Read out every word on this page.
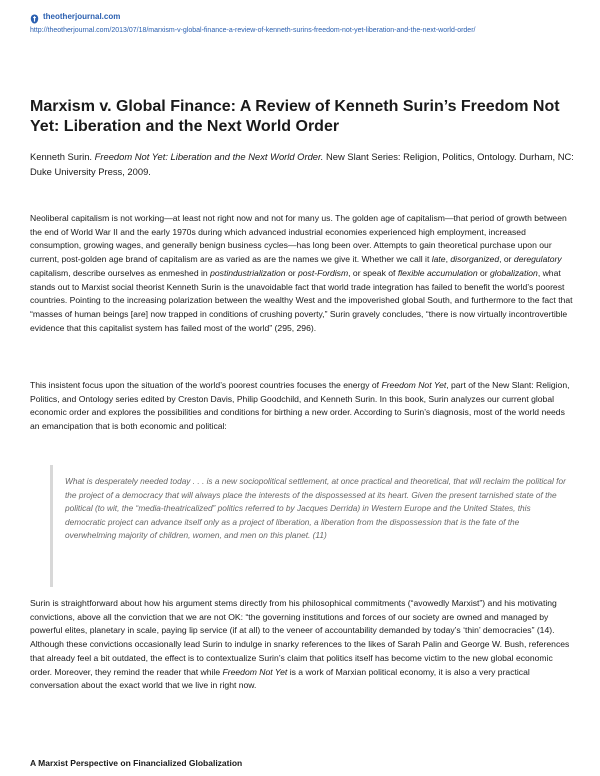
theotherjournal.com
http://theotherjournal.com/2013/07/18/marxism-v-global-finance-a-review-of-kenneth-surins-freedom-not-yet-liberation-and-the-next-world-order/
Marxism v. Global Finance: A Review of Kenneth Surin’s Freedom Not Yet: Liberation and the Next World Order

Kenneth Surin. Freedom Not Yet: Liberation and the Next World Order. New Slant Series: Religion, Politics, Ontology. Durham, NC: Duke University Press, 2009.

Neoliberal capitalism is not working—at least not right now and not for many us. The golden age of capitalism—that period of growth between the end of World War II and the early 1970s during which advanced industrial economies experienced high employment, increased consumption, growing wages, and generally benign business cycles—has long been over. Attempts to gain theoretical purchase upon our current, post-golden age brand of capitalism are as varied as are the names we give it. Whether we call it late, disorganized, or deregulatory capitalism, describe ourselves as enmeshed in postindustrialization or post-Fordism, or speak of flexible accumulation or globalization, what stands out to Marxist social theorist Kenneth Surin is the unavoidable fact that world trade integration has failed to benefit the world’s poorest countries. Pointing to the increasing polarization between the wealthy West and the impoverished global South, and furthermore to the fact that “masses of human beings [are] now trapped in conditions of crushing poverty,” Surin gravely concludes, “there is now virtually incontrovertible evidence that this capitalist system has failed most of the world” (295, 296).

This insistent focus upon the situation of the world’s poorest countries focuses the energy of Freedom Not Yet, part of the New Slant: Religion, Politics, and Ontology series edited by Creston Davis, Philip Goodchild, and Kenneth Surin. In this book, Surin analyzes our current global economic order and explores the possibilities and conditions for birthing a new order. According to Surin’s diagnosis, most of the world needs an emancipation that is both economic and political:

What is desperately needed today . . . is a new sociopolitical settlement, at once practical and theoretical, that will reclaim the political for the project of a democracy that will always place the interests of the dispossessed at its heart. Given the present tarnished state of the political (to wit, the “media-theatricalized” politics referred to by Jacques Derrida) in Western Europe and the United States, this democratic project can advance itself only as a project of liberation, a liberation from the dispossession that is the fate of the overwhelming majority of children, women, and men on this planet. (11)

Surin is straightforward about how his argument stems directly from his philosophical commitments (“avowedly Marxist”) and his motivating convictions, above all the conviction that we are not OK: “the governing institutions and forces of our society are owned and managed by powerful elites, planetary in scale, paying lip service (if at all) to the veneer of accountability demanded by today’s ‘thin’ democracies” (14). Although these convictions occasionally lead Surin to indulge in snarky references to the likes of Sarah Palin and George W. Bush, references that already feel a bit outdated, the effect is to contextualize Surin’s claim that politics itself has become victim to the new global economic order. Moreover, they remind the reader that while Freedom Not Yet is a work of Marxian political economy, it is also a very practical conversation about the exact world that we live in right now.

A Marxist Perspective on Financialized Globalization
